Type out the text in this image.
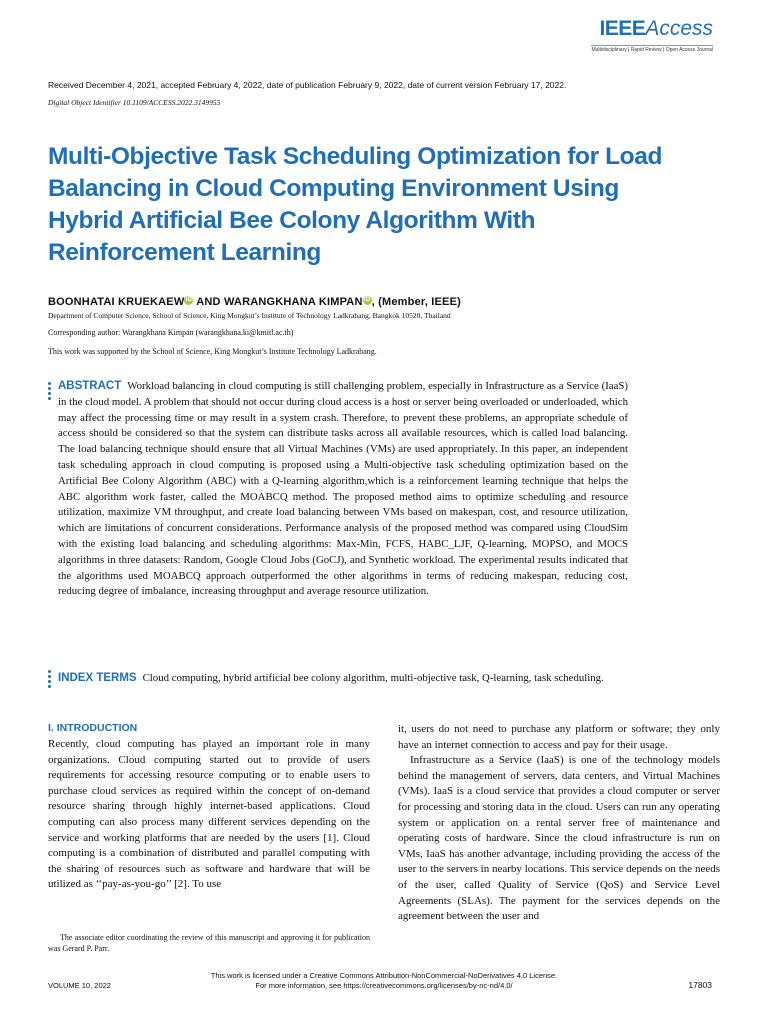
IEEEAccess
Multidisciplinary | Rapid Review | Open Access Journal
Received December 4, 2021, accepted February 4, 2022, date of publication February 9, 2022, date of current version February 17, 2022.
Digital Object Identifier 10.1109/ACCESS.2022.3149955
Multi-Objective Task Scheduling Optimization for Load Balancing in Cloud Computing Environment Using Hybrid Artificial Bee Colony Algorithm With Reinforcement Learning
BOONHATAI KRUEKAEWiD AND WARANGKHANA KIMPANiD, (Member, IEEE)
Department of Computer Science, School of Science, King Mongkut’s Institute of Technology Ladkrabang, Bangkok 10520, Thailand
Corresponding author: Warangkhana Kimpan (warangkhana.ki@kmitl.ac.th)
This work was supported by the School of Science, King Mongkut’s Institute Technology Ladkrabang.
ABSTRACT Workload balancing in cloud computing is still challenging problem, especially in Infrastructure as a Service (IaaS) in the cloud model. A problem that should not occur during cloud access is a host or server being overloaded or underloaded, which may affect the processing time or may result in a system crash. Therefore, to prevent these problems, an appropriate schedule of access should be considered so that the system can distribute tasks across all available resources, which is called load balancing. The load balancing technique should ensure that all Virtual Machines (VMs) are used appropriately. In this paper, an independent task scheduling approach in cloud computing is proposed using a Multi-objective task scheduling optimization based on the Artificial Bee Colony Algorithm (ABC) with a Q-learning algorithm,which is a reinforcement learning technique that helps the ABC algorithm work faster, called the MOABCQ method. The proposed method aims to optimize scheduling and resource utilization, maximize VM throughput, and create load balancing between VMs based on makespan, cost, and resource utilization, which are limitations of concurrent considerations. Performance analysis of the proposed method was compared using CloudSim with the existing load balancing and scheduling algorithms: Max-Min, FCFS, HABC_LJF, Q-learning, MOPSO, and MOCS algorithms in three datasets: Random, Google Cloud Jobs (GoCJ), and Synthetic workload. The experimental results indicated that the algorithms used MOABCQ approach outperformed the other algorithms in terms of reducing makespan, reducing cost, reducing degree of imbalance, increasing throughput and average resource utilization.
INDEX TERMS Cloud computing, hybrid artificial bee colony algorithm, multi-objective task, Q-learning, task scheduling.
I. INTRODUCTION
Recently, cloud computing has played an important role in many organizations. Cloud computing started out to provide of users requirements for accessing resource computing or to enable users to purchase cloud services as required within the concept of on-demand resource sharing through highly internet-based applications. Cloud computing can also process many different services depending on the service and working platforms that are needed by the users [1]. Cloud computing is a combination of distributed and parallel computing with the sharing of resources such as software and hardware that will be utilized as ‘‘pay-as-you-go’’ [2]. To use
it, users do not need to purchase any platform or software; they only have an internet connection to access and pay for their usage.
Infrastructure as a Service (IaaS) is one of the technology models behind the management of servers, data centers, and Virtual Machines (VMs). IaaS is a cloud service that provides a cloud computer or server for processing and storing data in the cloud. Users can run any operating system or application on a rental server free of maintenance and operating costs of hardware. Since the cloud infrastructure is run on VMs, IaaS has another advantage, including providing the access of the user to the servers in nearby locations. This service depends on the needs of the user, called Quality of Service (QoS) and Service Level Agreements (SLAs). The payment for the services depends on the agreement between the user and
The associate editor coordinating the review of this manuscript and approving it for publication was Gerard P. Parr.
This work is licensed under a Creative Commons Attribution-NonCommercial-NoDerivatives 4.0 License.
For more information, see https://creativecommons.org/licenses/by-nc-nd/4.0/
VOLUME 10, 2022	17803
